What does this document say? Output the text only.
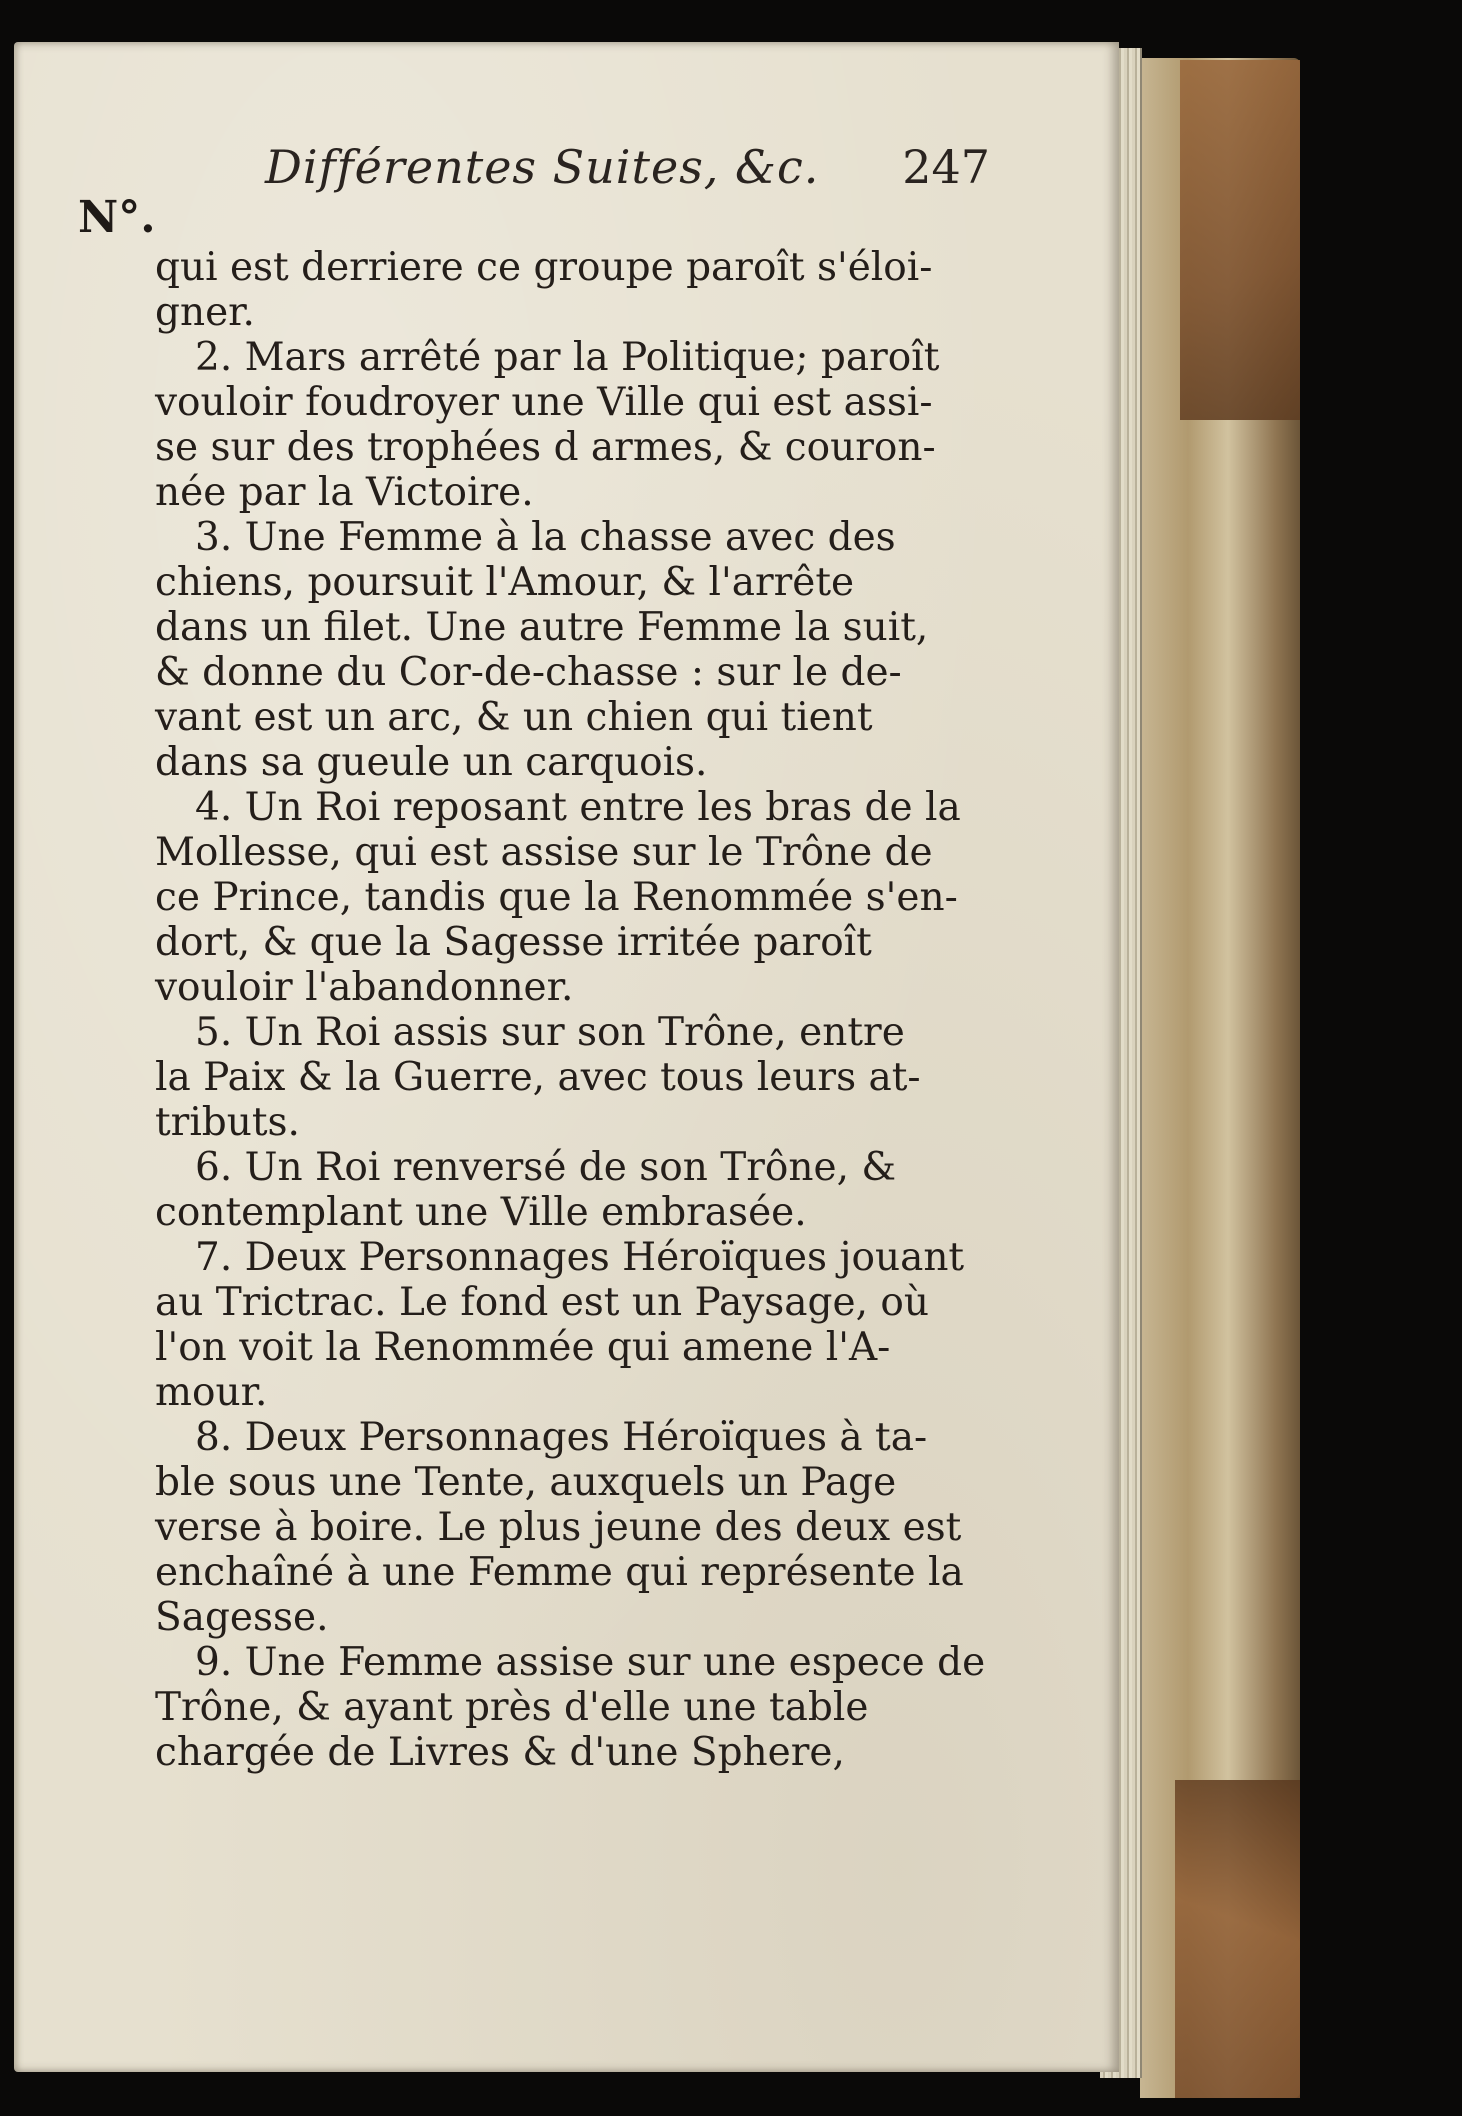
Différentes Suites, &c.	247
N°.
qui est derriere ce groupe paroît s'éloi-
gner.
2. Mars arrêté par la Politique; paroît
vouloir foudroyer une Ville qui est assi-
se sur des trophées d armes, & couron-
née par la Victoire.
3. Une Femme à la chasse avec des
chiens, poursuit l'Amour, & l'arrête
dans un filet. Une autre Femme la suit,
& donne du Cor-de-chasse : sur le de-
vant est un arc, & un chien qui tient
dans sa gueule un carquois.
4. Un Roi reposant entre les bras de la
Mollesse, qui est assise sur le Trône de
ce Prince, tandis que la Renommée s'en-
dort, & que la Sagesse irritée paroît
vouloir l'abandonner.
5. Un Roi assis sur son Trône, entre
la Paix & la Guerre, avec tous leurs at-
tributs.
6. Un Roi renversé de son Trône, &
contemplant une Ville embrasée.
7. Deux Personnages Héroïques jouant
au Trictrac. Le fond est un Paysage, où
l'on voit la Renommée qui amene l'A-
mour.
8. Deux Personnages Héroïques à ta-
ble sous une Tente, auxquels un Page
verse à boire. Le plus jeune des deux est
enchaîné à une Femme qui représente la
Sagesse.
9. Une Femme assise sur une espece de
Trône, & ayant près d'elle une table
chargée de Livres & d'une Sphere,
